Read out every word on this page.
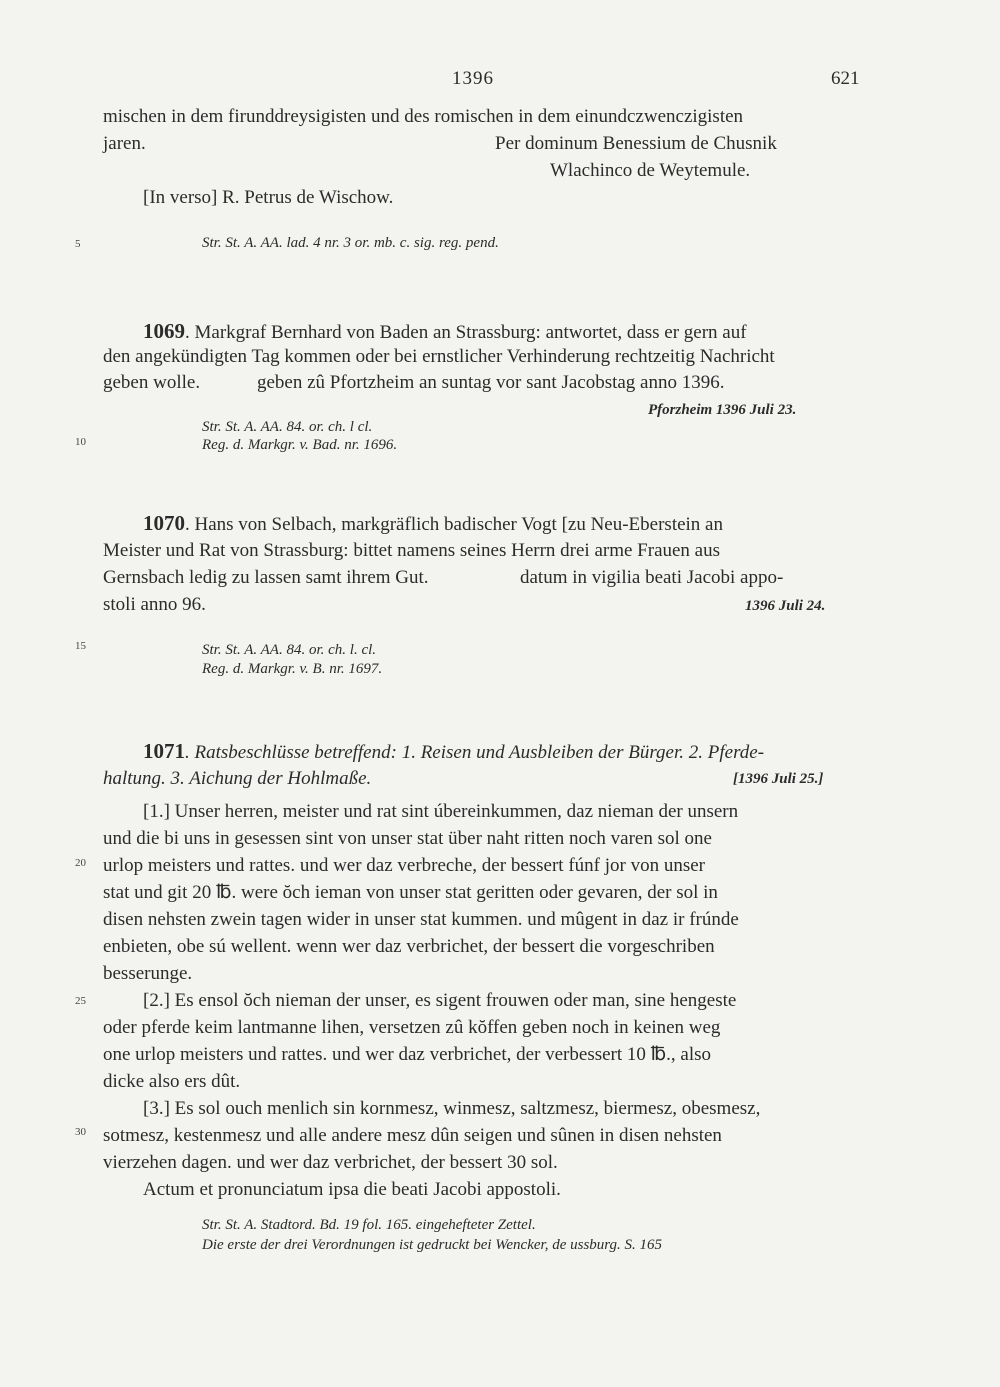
1396	621
5
10
15
20
25
30
mischen in dem firunddreysigisten und des romischen in dem einundczwenczigisten
jaren.	Per dominum Benessium de Chusnik
Wlachinco de Weytemule.
[In verso] R. Petrus de Wischow.
Str. St. A. AA. lad. 4 nr. 3 or. mb. c. sig. reg. pend.
1069. Markgraf Bernhard von Baden an Strassburg: antwortet, dass er gern auf
den angekündigten Tag kommen oder bei ernstlicher Verhinderung rechtzeitig Nachricht
geben wolle.	geben zû Pfortzheim an suntag vor sant Jacobstag anno 1396.
Pforzheim 1396 Juli 23.
Str. St. A. AA. 84. or. ch. l cl.
Reg. d. Markgr. v. Bad. nr. 1696.
1070. Hans von Selbach, markgräflich badischer Vogt [zu Neu-Eberstein an
Meister und Rat von Strassburg: bittet namens seines Herrn drei arme Frauen aus
Gernsbach ledig zu lassen samt ihrem Gut.	datum in vigilia beati Jacobi appo-
stoli anno 96.	1396 Juli 24.
Str. St. A. AA. 84. or. ch. l. cl.
Reg. d. Markgr. v. B. nr. 1697.
1071. Ratsbeschlüsse betreffend: 1. Reisen und Ausbleiben der Bürger. 2. Pferde-
haltung. 3. Aichung der Hohlmaße.	[1396 Juli 25.]
[1.] Unser herren, meister und rat sint úbereinkummen, daz nieman der unsern
und die bi uns in gesessen sint von unser stat über naht ritten noch varen sol one
urlop meisters und rattes. und wer daz verbreche, der bessert fúnf jor von unser
stat und git 20 ℔. were ŏch ieman von unser stat geritten oder gevaren, der sol in
disen nehsten zwein tagen wider in unser stat kummen. und mûgent in daz ir frúnde
enbieten, obe sú wellent. wenn wer daz verbrichet, der bessert die vorgeschriben
besserunge.
[2.] Es ensol ŏch nieman der unser, es sigent frouwen oder man, sine hengeste
oder pferde keim lantmanne lihen, versetzen zû kŏffen geben noch in keinen weg
one urlop meisters und rattes. und wer daz verbrichet, der verbessert 10 ℔., also
dicke also ers dût.
[3.] Es sol ouch menlich sin kornmesz, winmesz, saltzmesz, biermesz, obesmesz,
sotmesz, kestenmesz und alle andere mesz dûn seigen und sûnen in disen nehsten
vierzehen dagen. und wer daz verbrichet, der bessert 30 sol.
Actum et pronunciatum ipsa die beati Jacobi appostoli.
Str. St. A. Stadtord. Bd. 19 fol. 165. eingehefteter Zettel.
Die erste der drei Verordnungen ist gedruckt bei Wencker, de ussburg. S. 165
